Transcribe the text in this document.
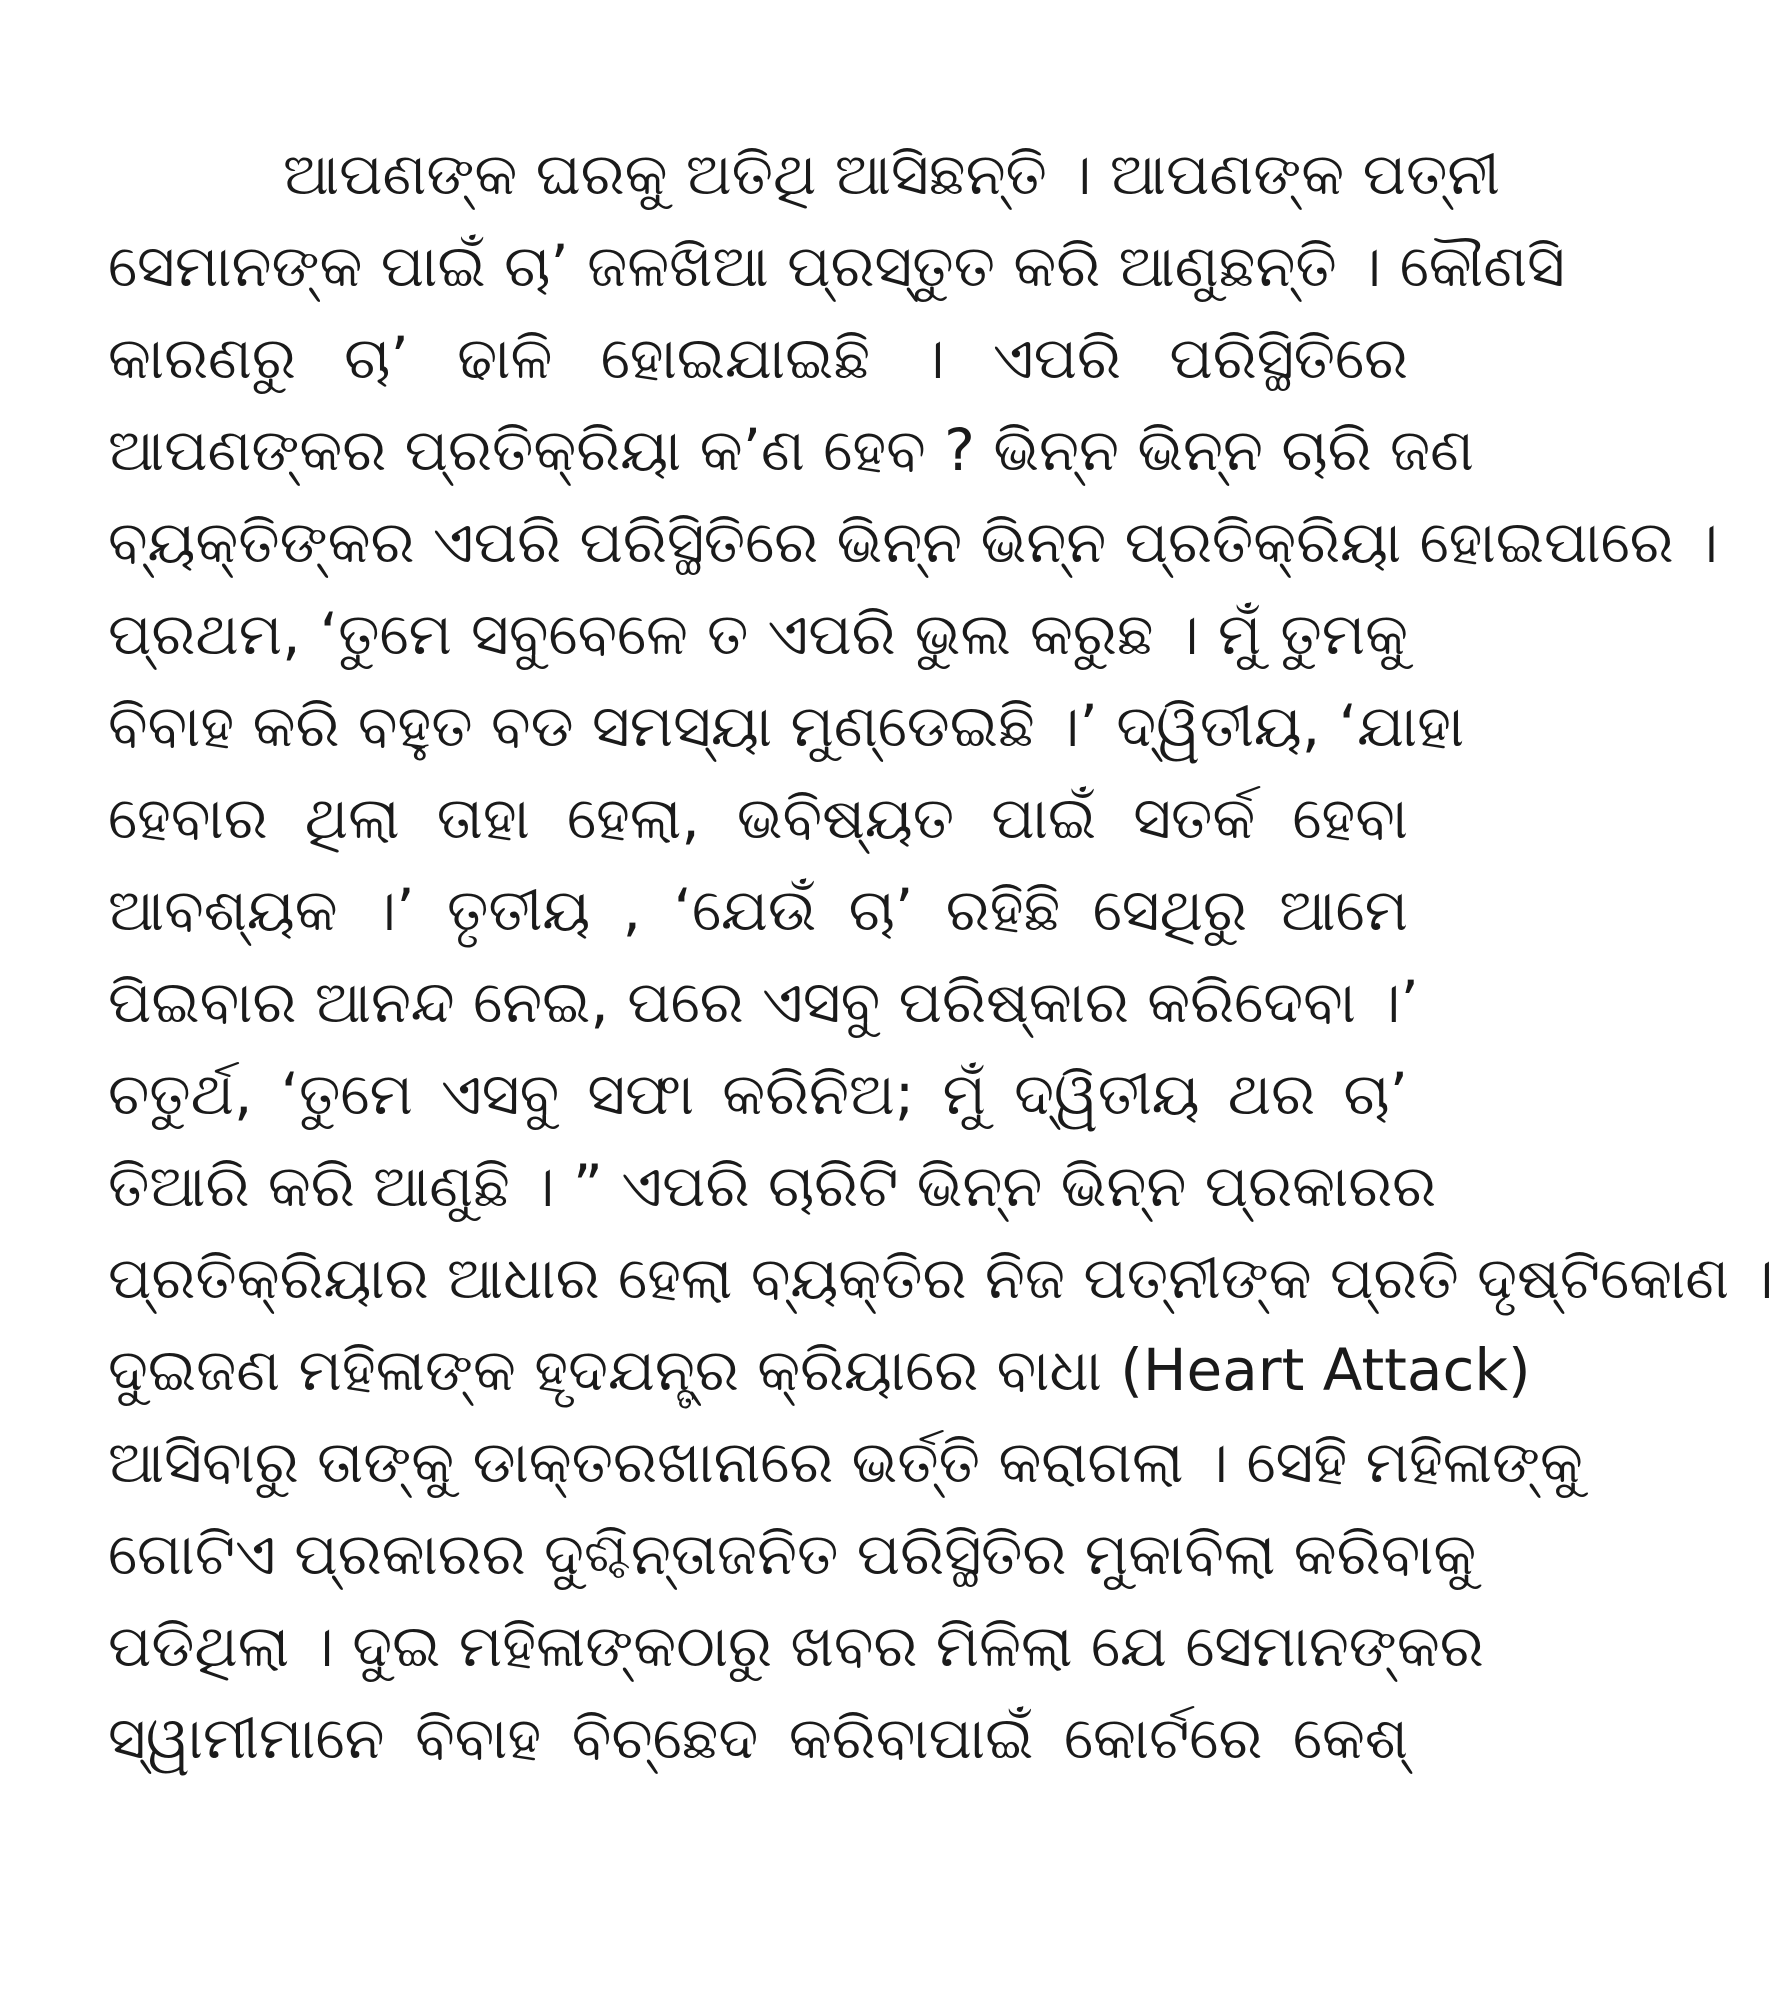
ଆପଣଙ୍କ ଘରକୁ ଅତିଥି ଆସିଛନ୍ତି । ଆପଣଙ୍କ ପତ୍ନୀ
ସେମାନଙ୍କ ପାଇଁ ଚା’ ଜଳଖିଆ ପ୍ରସ୍ତୁତ କରି ଆଣୁଛନ୍ତି । କୌଣସି
କାରଣରୁ ଚା’ ଢାଳି ହୋଇଯାଇଛି । ଏପରି ପରିସ୍ଥିତିରେ
ଆପଣଙ୍କର ପ୍ରତିକ୍ରିୟା କ’ଣ ହେବ ? ଭିନ୍ନ ଭିନ୍ନ ଚାରି ଜଣ
ବ୍ୟକ୍ତିଙ୍କର ଏପରି ପରିସ୍ଥିତିରେ ଭିନ୍ନ ଭିନ୍ନ ପ୍ରତିକ୍ରିୟା ହୋଇପାରେ ।
ପ୍ରଥମ, ‘ତୁମେ ସବୁବେଳେ ତ ଏପରି ଭୁଲ କରୁଛ । ମୁଁ ତୁମକୁ
ବିବାହ କରି ବହୁତ ବଡ ସମସ୍ୟା ମୁଣ୍ଡେଇଛି ।’ ଦ୍ୱିତୀୟ, ‘ଯାହା
ହେବାର ଥିଲା ତାହା ହେଲା, ଭବିଷ୍ୟତ ପାଇଁ ସତର୍କ ହେବା
ଆବଶ୍ୟକ ।’ ତୃତୀୟ , ‘ଯେଉଁ ଚା’ ରହିଛି ସେଥିରୁ ଆମେ
ପିଇବାର ଆନନ୍ଦ ନେଇ, ପରେ ଏସବୁ ପରିଷ୍କାର କରିଦେବା ।’
ଚତୁର୍ଥ, ‘ତୁମେ ଏସବୁ ସଫା କରିନିଅ; ମୁଁ ଦ୍ୱିତୀୟ ଥର ଚା’
ତିଆରି କରି ଆଣୁଛି । ” ଏପରି ଚାରିଟି ଭିନ୍ନ ଭିନ୍ନ ପ୍ରକାରର
ପ୍ରତିକ୍ରିୟାର ଆଧାର ହେଲା ବ୍ୟକ୍ତିର ନିଜ ପତ୍ନୀଙ୍କ ପ୍ରତି ଦୃଷ୍ଟିକୋଣ ।
ଦୁଇଜଣ ମହିଳାଙ୍କ ହୃଦଯନ୍ତ୍ର କ୍ରିୟାରେ ବାଧା (Heart Attack)
ଆସିବାରୁ ତାଙ୍କୁ ଡାକ୍ତରଖାନାରେ ଭର୍ତ୍ତି କରାଗଲା । ସେହି ମହିଳାଙ୍କୁ
ଗୋଟିଏ ପ୍ରକାରର ଦୁଶ୍ଚିନ୍ତାଜନିତ ପରିସ୍ଥିତିର ମୁକାବିଲା କରିବାକୁ
ପଡିଥିଲା । ଦୁଇ ମହିଳାଙ୍କଠାରୁ ଖବର ମିଳିଲା ଯେ ସେମାନଙ୍କର
ସ୍ୱାମୀମାନେ ବିବାହ ବିଚ୍ଛେଦ କରିବାପାଇଁ କୋର୍ଟରେ କେଶ୍
